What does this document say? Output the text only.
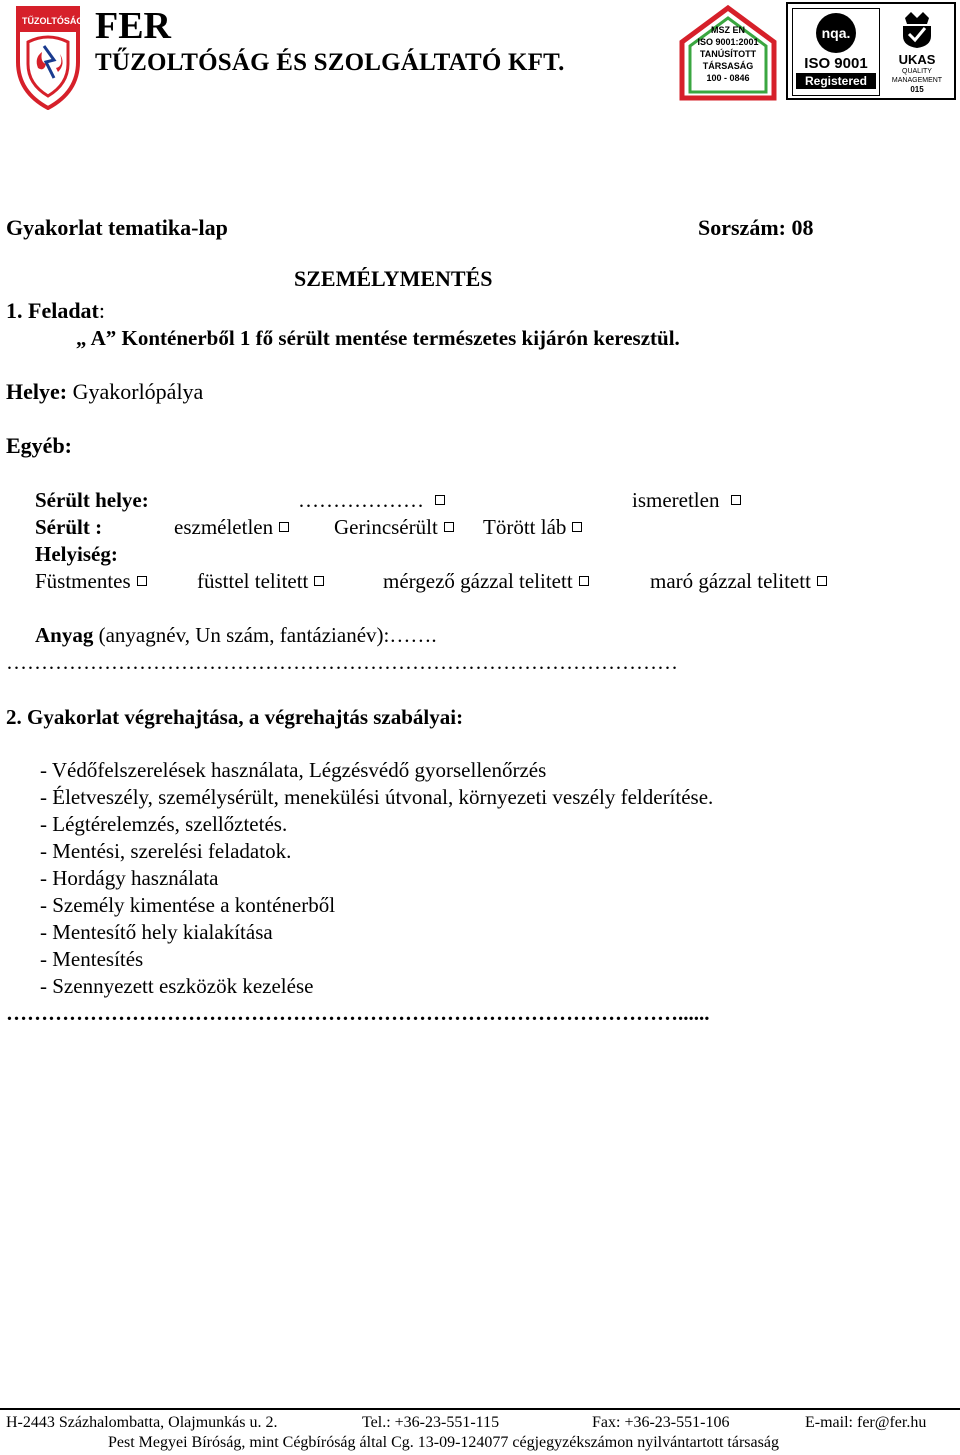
TŰZOLTÓSÁG FER
TŰZOLTÓSÁG ÉS SZOLGÁLTATÓ KFT.
MSZ EN
ISO 9001:2001
TANÚSÍTOTT
TÁRSASÁG
100 - 0846
nqa.
ISO 9001
Registered
UKAS
QUALITY
MANAGEMENT
015
Gyakorlat tematika-lap	Sorszám: 08
SZEMÉLYMENTÉS
1. Feladat:
„ A” Konténerből 1 fő sérült mentése természetes kijárón keresztül.
Helye: Gyakorlópálya
Egyéb:
Sérült helye:	………………	ismeretlen
Sérült :	eszméletlen	Gerincsérült	Törött láb
Helyiség:
Füstmentes	füsttel telitett	mérgező gázzal telitett	maró gázzal telitett
Anyag (anyagnév, Un szám, fantázianév):…….
……………………………………………………………………………………
2. Gyakorlat végrehajtása, a végrehajtás szabályai:
- Védőfelszerelések használata, Légzésvédő gyorsellenőrzés
- Életveszély, személysérült, menekülési útvonal, környezeti veszély felderítése.
- Légtérelemzés, szellőztetés.
- Mentési, szerelési feladatok.
- Hordágy használata
- Személy kimentése a konténerből
- Mentesítő hely kialakítása
- Mentesítés
- Szennyezett eszközök kezelése
……………………………………………………………………………………......
H-2443 Százhalombatta, Olajmunkás u. 2.	Tel.: +36-23-551-115	Fax: +36-23-551-106	E-mail: fer@fer.hu
Pest Megyei Bíróság, mint Cégbíróság által Cg. 13-09-124077 cégjegyzékszámon nyilvántartott társaság
